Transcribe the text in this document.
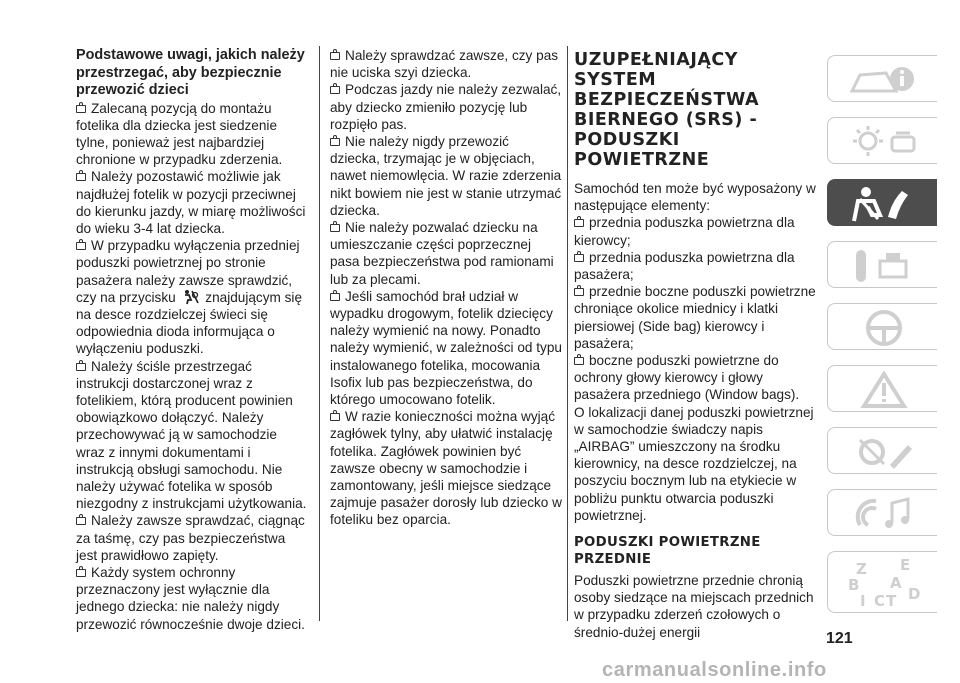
Podstawowe uwagi, jakich należy przestrzegać, aby bezpiecznie przewozić dzieci

Zalecaną pozycją do montażu fotelika dla dziecka jest siedzenie tylne, ponieważ jest najbardziej chronione w przypadku zderzenia.

Należy pozostawić możliwie jak najdłużej fotelik w pozycji przeciwnej do kierunku jazdy, w miarę możliwości do wieku 3-4 lat dziecka.

W przypadku wyłączenia przedniej poduszki powietrznej po stronie pasażera należy zawsze sprawdzić,
czy na przycisku znajdującym się na desce rozdzielczej świeci się odpowiednia dioda informująca o wyłączeniu poduszki.

Należy ściśle przestrzegać instrukcji dostarczonej wraz z fotelikiem, którą producent powinien obowiązkowo dołączyć. Należy przechowywać ją w samochodzie wraz z innymi dokumentami i instrukcją obsługi samochodu. Nie należy używać fotelika w sposób niezgodny z instrukcjami użytkowania.

Należy zawsze sprawdzać, ciągnąc za taśmę, czy pas bezpieczeństwa jest prawidłowo zapięty.

Każdy system ochronny przeznaczony jest wyłącznie dla jednego dziecka: nie należy nigdy przewozić równocześnie dwoje dzieci.

Należy sprawdzać zawsze, czy pas nie uciska szyi dziecka.

Podczas jazdy nie należy zezwalać, aby dziecko zmieniło pozycję lub rozpięło pas.

Nie należy nigdy przewozić dziecka, trzymając je w objęciach, nawet niemowlęcia. W razie zderzenia nikt bowiem nie jest w stanie utrzymać dziecka.

Nie należy pozwalać dziecku na umieszczanie części poprzecznej pasa bezpieczeństwa pod ramionami lub za plecami.

Jeśli samochód brał udział w wypadku drogowym, fotelik dziecięcy należy wymienić na nowy. Ponadto należy wymienić, w zależności od typu instalowanego fotelika, mocowania Isofix lub pas bezpieczeństwa, do którego umocowano fotelik.

W razie konieczności można wyjąć zagłówek tylny, aby ułatwić instalację fotelika. Zagłówek powinien być zawsze obecny w samochodzie i zamontowany, jeśli miejsce siedzące zajmuje pasażer dorosły lub dziecko w foteliku bez oparcia.

UZUPEŁNIAJĄCY SYSTEM BEZPIECZEŃSTWA BIERNEGO (SRS) - PODUSZKI POWIETRZNE

Samochód ten może być wyposażony w następujące elementy:

przednia poduszka powietrzna dla kierowcy;

przednia poduszka powietrzna dla pasażera;

przednie boczne poduszki powietrzne chroniące okolice miednicy i klatki piersiowej (Side bag) kierowcy i pasażera;

boczne poduszki powietrzne do ochrony głowy kierowcy i głowy pasażera przedniego (Window bags).

O lokalizacji danej poduszki powietrznej w samochodzie świadczy napis „AIRBAG” umieszczony na środku kierownicy, na desce rozdzielczej, na poszyciu bocznym lub na etykiecie w pobliżu punktu otwarcia poduszki powietrznej.

PODUSZKI POWIETRZNE PRZEDNIE

Poduszki powietrzne przednie chronią osoby siedzące na miejscach przednich w przypadku zderzeń czołowych o średnio-dużej energii

Z E
B A
I C T D
121
carmanualsonline.info
